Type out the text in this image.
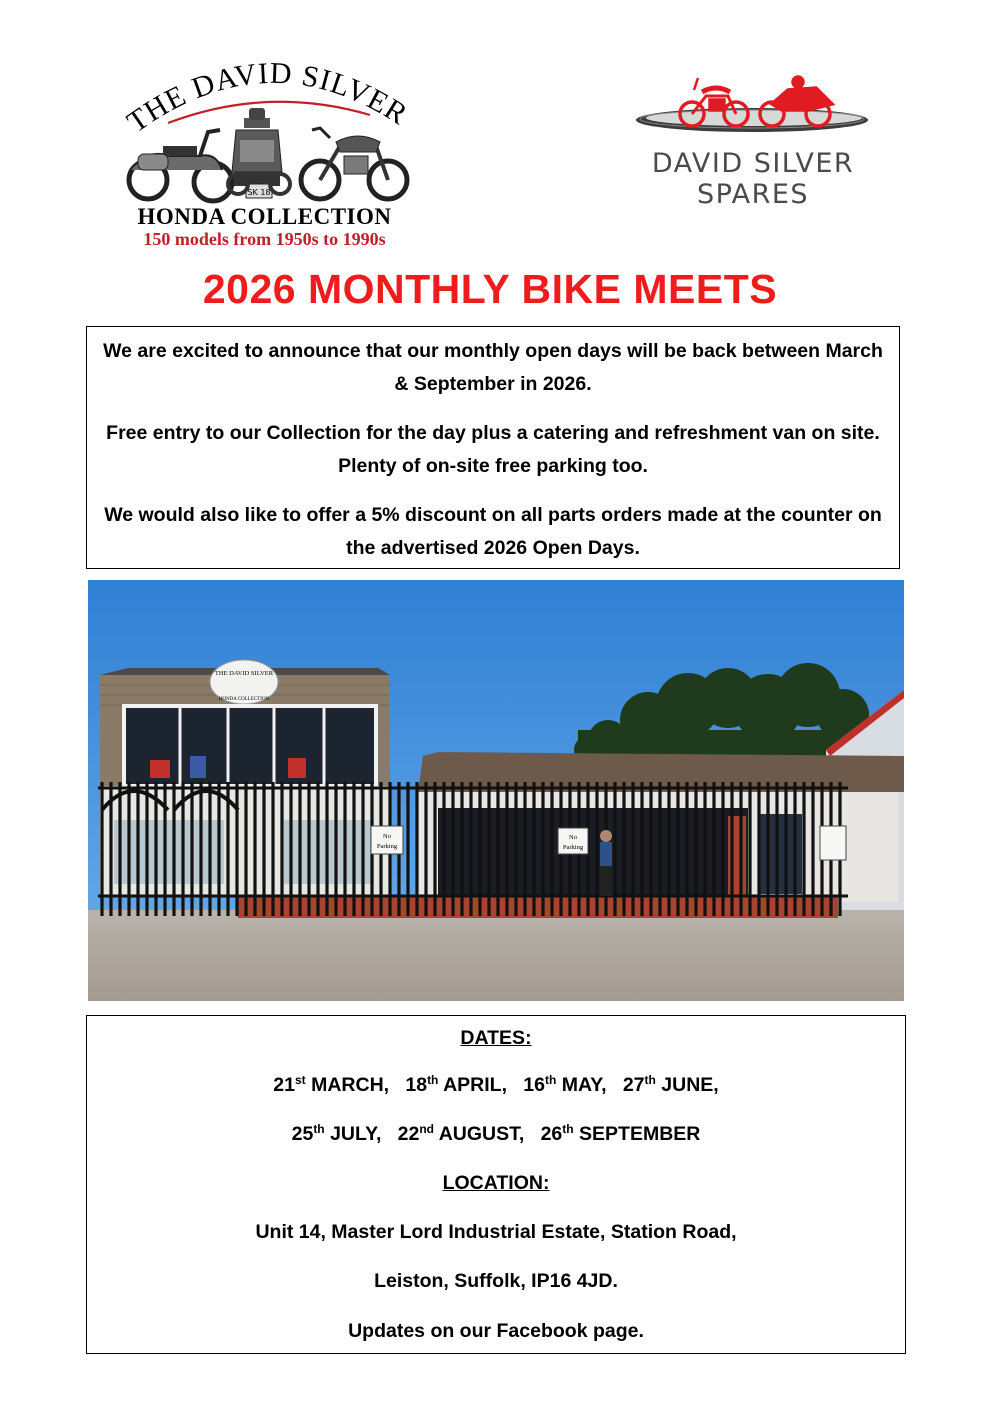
THE DAVID SILVER
SK 18
HONDA COLLECTION
150 models from 1950s to 1990s
DAVID SILVER
SPARES
2026 MONTHLY BIKE MEETS

We are excited to announce that our monthly open days will be back between March & September in 2026.

Free entry to our Collection for the day plus a catering and refreshment van on site. Plenty of on-site free parking too.

We would also like to offer a 5% discount on all parts orders made at the counter on the advertised 2026 Open Days.

THE DAVID SILVER
HONDA COLLECTION
No
Parking
No
Parking
DATES:
21st MARCH, 18th APRIL, 16th MAY, 27th JUNE,
25th JULY, 22nd AUGUST, 26th SEPTEMBER
LOCATION:
Unit 14, Master Lord Industrial Estate, Station Road,
Leiston, Suffolk, IP16 4JD.
Updates on our Facebook page.
